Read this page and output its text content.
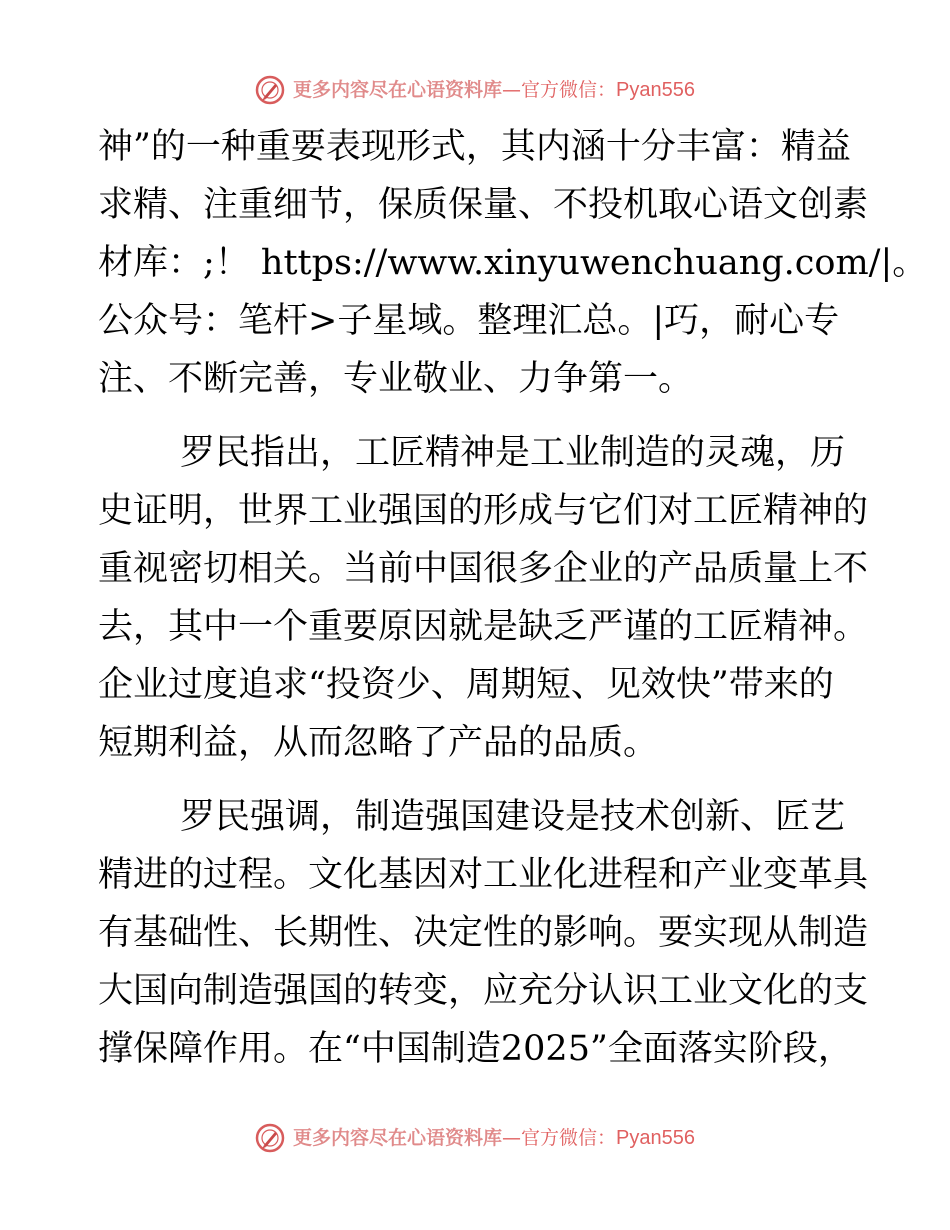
更多内容尽在心语资料库 — 官方微信： Pyan556

神”的一种重要表现形式，其内涵十分丰富：精益
求精、注重细节，保质保量、不投机取心语文创素
材库：;！ https://www.xinyuwenchuang.com/|。
公众号：笔杆>子星域。整理汇总。|巧，耐心专
注、不断完善，专业敬业、力争第一。

罗民指出，工匠精神是工业制造的灵魂，历
史证明，世界工业强国的形成与它们对工匠精神的
重视密切相关。当前中国很多企业的产品质量上不
去，其中一个重要原因就是缺乏严谨的工匠精神。
企业过度追求“投资少、周期短、见效快”带来的
短期利益，从而忽略了产品的品质。

罗民强调，制造强国建设是技术创新、匠艺
精进的过程。文化基因对工业化进程和产业变革具
有基础性、长期性、决定性的影响。要实现从制造
大国向制造强国的转变，应充分认识工业文化的支
撑保障作用。在“中国制造2025”全面落实阶段，

更多内容尽在心语资料库 — 官方微信： Pyan556
